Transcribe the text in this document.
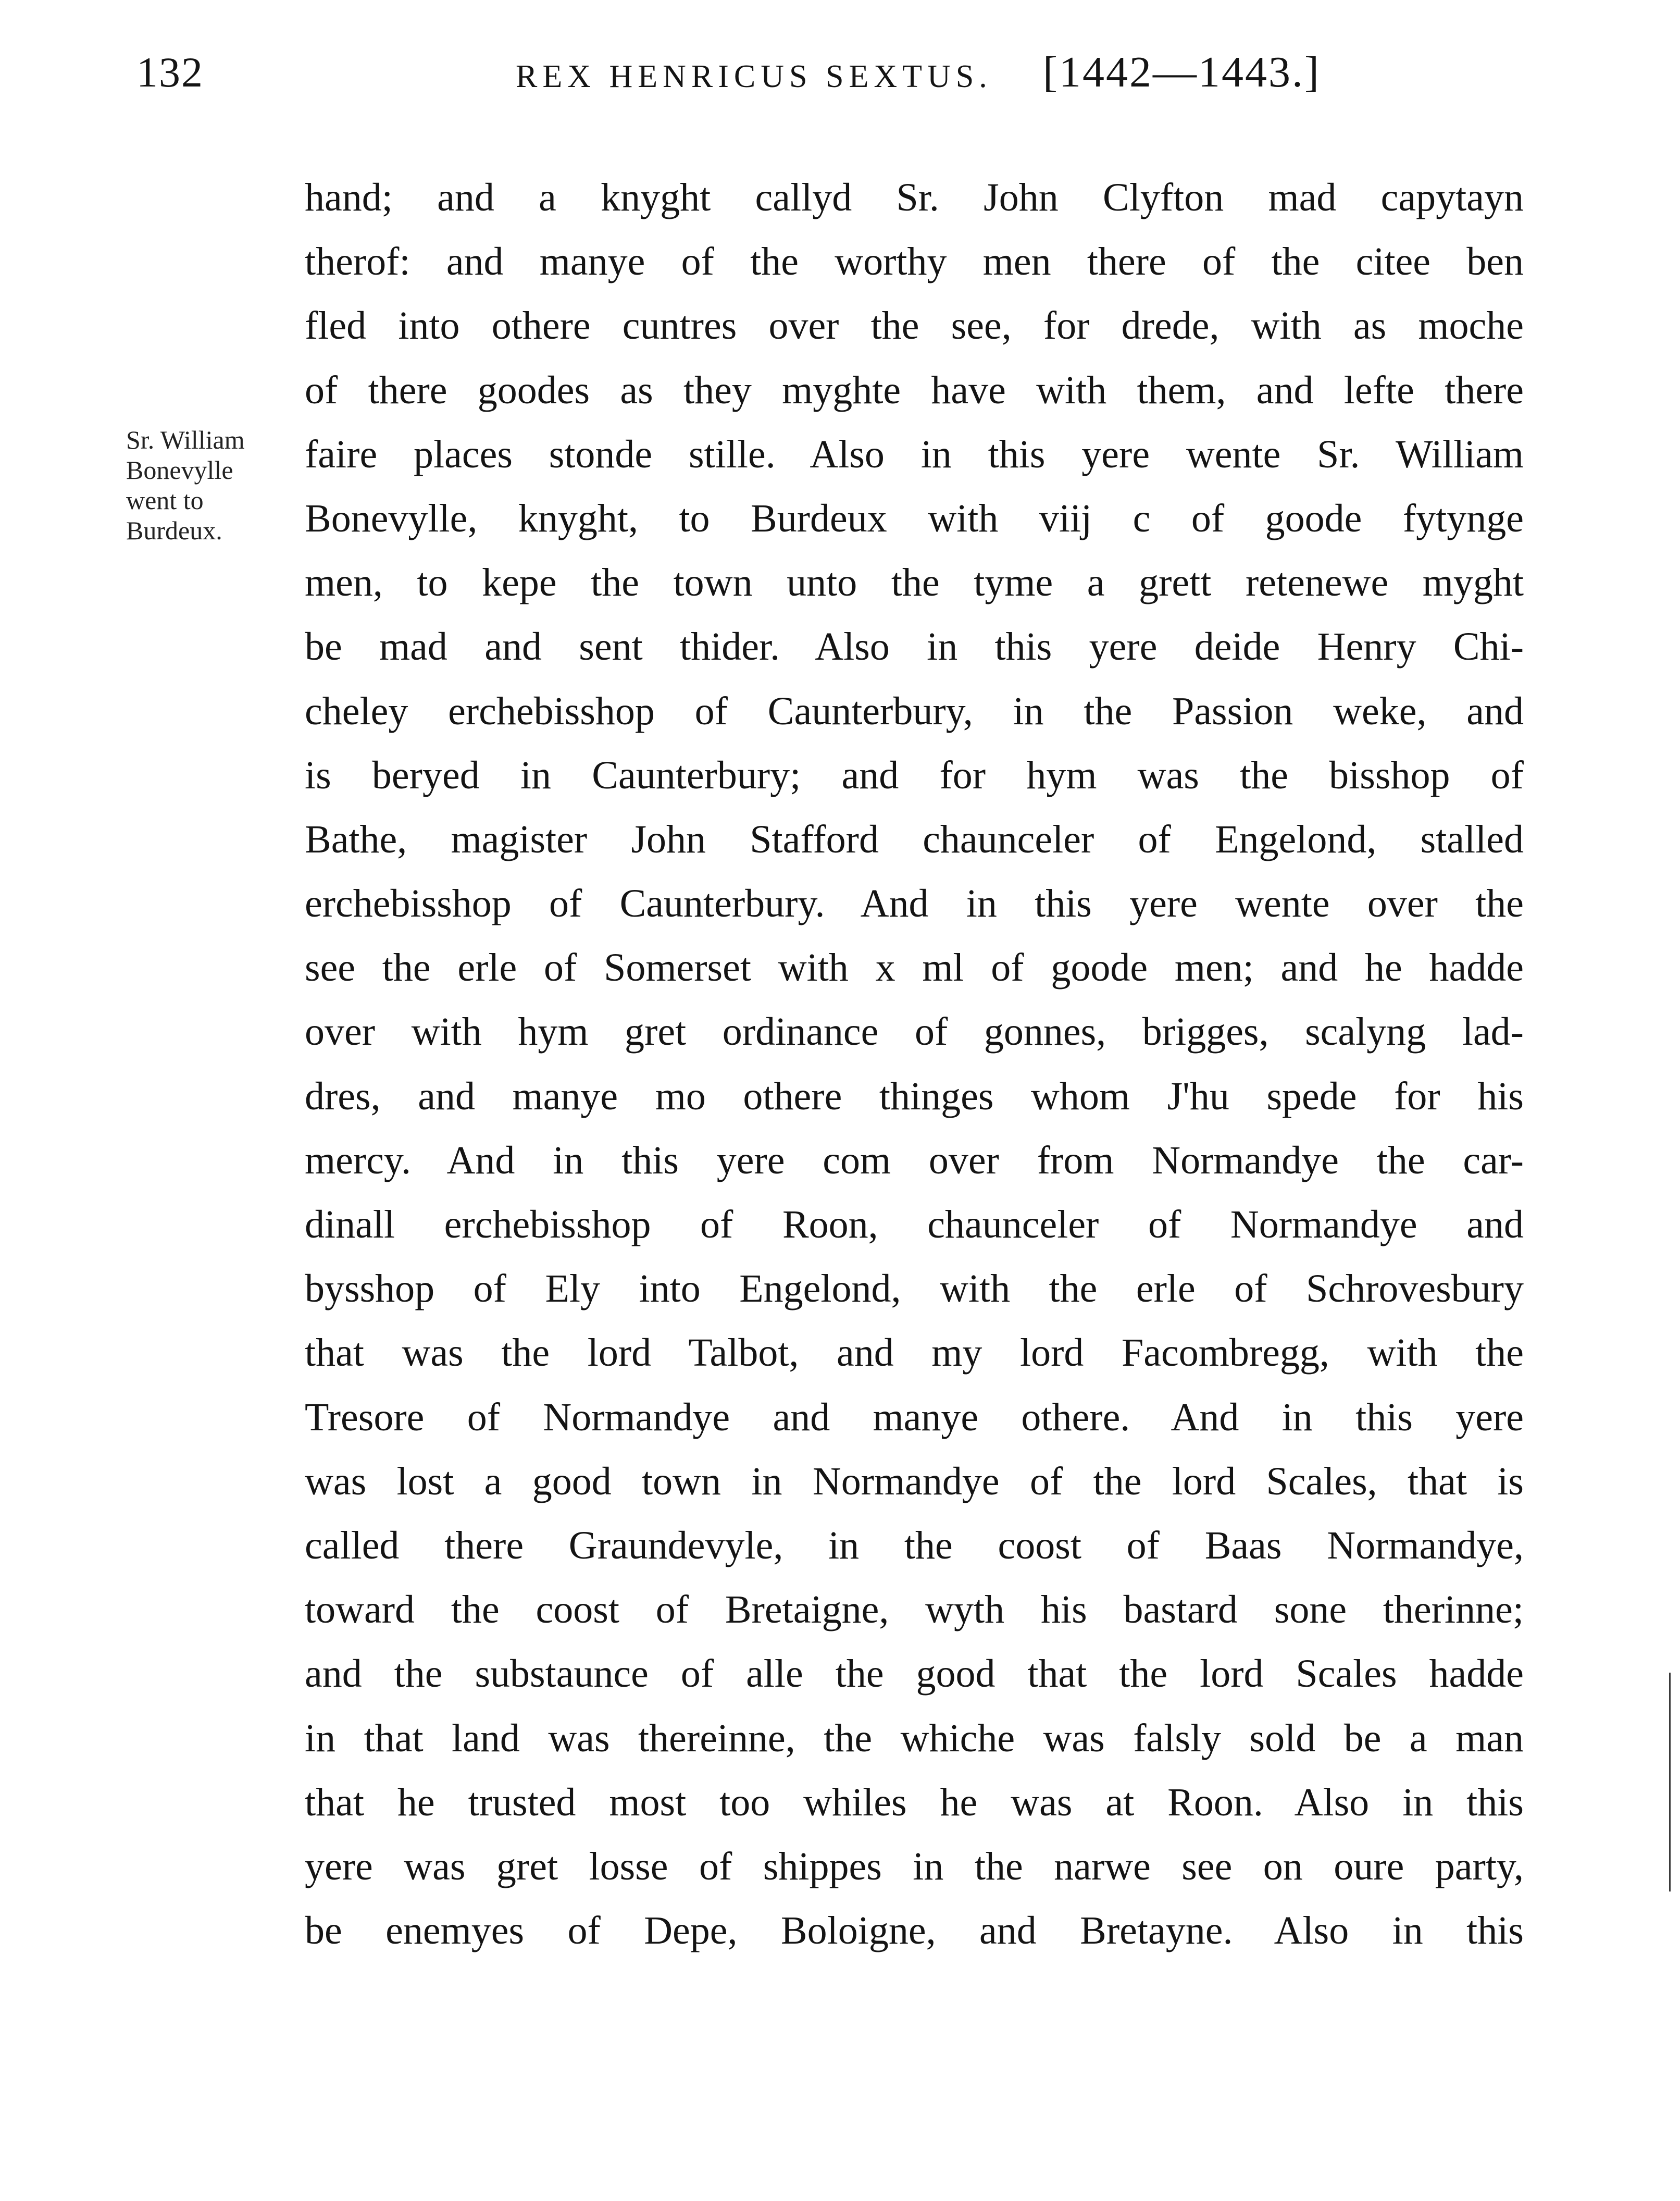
132	REX HENRICUS SEXTUS. [1442—1443.]
Sr. William
Bonevylle
went to
Burdeux.
hand; and a knyght callyd Sr. John Clyfton mad capytayn
therof: and manye of the worthy men there of the citee ben
fled into othere cuntres over the see, for drede, with as moche
of there goodes as they myghte have with them, and lefte there
faire places stonde stille. Also in this yere wente Sr. William
Bonevylle, knyght, to Burdeux with viij c of goode fytynge
men, to kepe the town unto the tyme a grett retenewe myght
be mad and sent thider. Also in this yere deide Henry Chi-
cheley erchebisshop of Caunterbury, in the Passion weke, and
is beryed in Caunterbury; and for hym was the bisshop of
Bathe, magister John Stafford chaunceler of Engelond, stalled
erchebisshop of Caunterbury. And in this yere wente over the
see the erle of Somerset with x ml of goode men; and he hadde
over with hym gret ordinance of gonnes, brigges, scalyng lad-
dres, and manye mo othere thinges whom J'hu spede for his
mercy. And in this yere com over from Normandye the car-
dinall erchebisshop of Roon, chaunceler of Normandye and
bysshop of Ely into Engelond, with the erle of Schrovesbury
that was the lord Talbot, and my lord Facombregg, with the
Tresore of Normandye and manye othere. And in this yere
was lost a good town in Normandye of the lord Scales, that is
called there Graundevyle, in the coost of Baas Normandye,
toward the coost of Bretaigne, wyth his bastard sone therinne;
and the substaunce of alle the good that the lord Scales hadde
in that land was thereinne, the whiche was falsly sold be a man
that he trusted most too whiles he was at Roon. Also in this
yere was gret losse of shippes in the narwe see on oure party,
be enemyes of Depe, Boloigne, and Bretayne. Also in this
